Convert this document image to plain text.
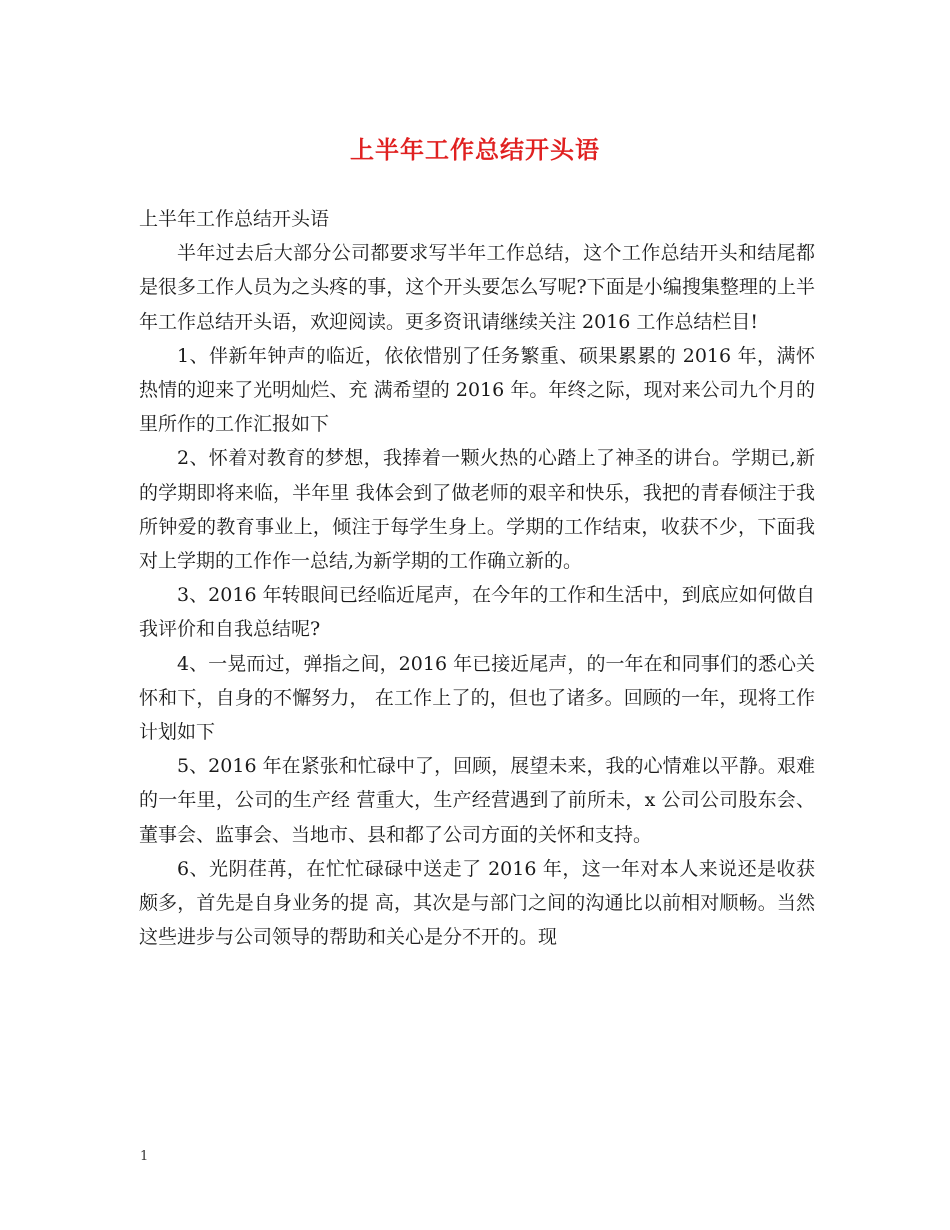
上半年工作总结开头语

上半年工作总结开头语

半年过去后大部分公司都要求写半年工作总结，这个工作总结开头和结尾都是很多工作人员为之头疼的事，这个开头要怎么写呢?下面是小编搜集整理的上半年工作总结开头语，欢迎阅读。更多资讯请继续关注 2016 工作总结栏目!

1、伴新年钟声的临近，依依惜别了任务繁重、硕果累累的 2016 年，满怀热情的迎来了光明灿烂、充 满希望的 2016 年。年终之际，现对来公司九个月的里所作的工作汇报如下

2、怀着对教育的梦想，我捧着一颗火热的心踏上了神圣的讲台。学期已,新的学期即将来临，半年里 我体会到了做老师的艰辛和快乐，我把的青春倾注于我所钟爱的教育事业上，倾注于每学生身上。学期的工作结束，收获不少，下面我对上学期的工作作一总结,为新学期的工作确立新的。

3、2016 年转眼间已经临近尾声，在今年的工作和生活中，到底应如何做自我评价和自我总结呢?

4、一晃而过，弹指之间，2016 年已接近尾声，的一年在和同事们的悉心关怀和下，自身的不懈努力， 在工作上了的，但也了诸多。回顾的一年，现将工作计划如下

5、2016 年在紧张和忙碌中了，回顾，展望未来，我的心情难以平静。艰难的一年里，公司的生产经 营重大，生产经营遇到了前所未，x 公司公司股东会、董事会、监事会、当地市、县和都了公司方面的关怀和支持。

6、光阴荏苒，在忙忙碌碌中送走了 2016 年，这一年对本人来说还是收获颇多，首先是自身业务的提 高，其次是与部门之间的沟通比以前相对顺畅。当然这些进步与公司领导的帮助和关心是分不开的。现

1
